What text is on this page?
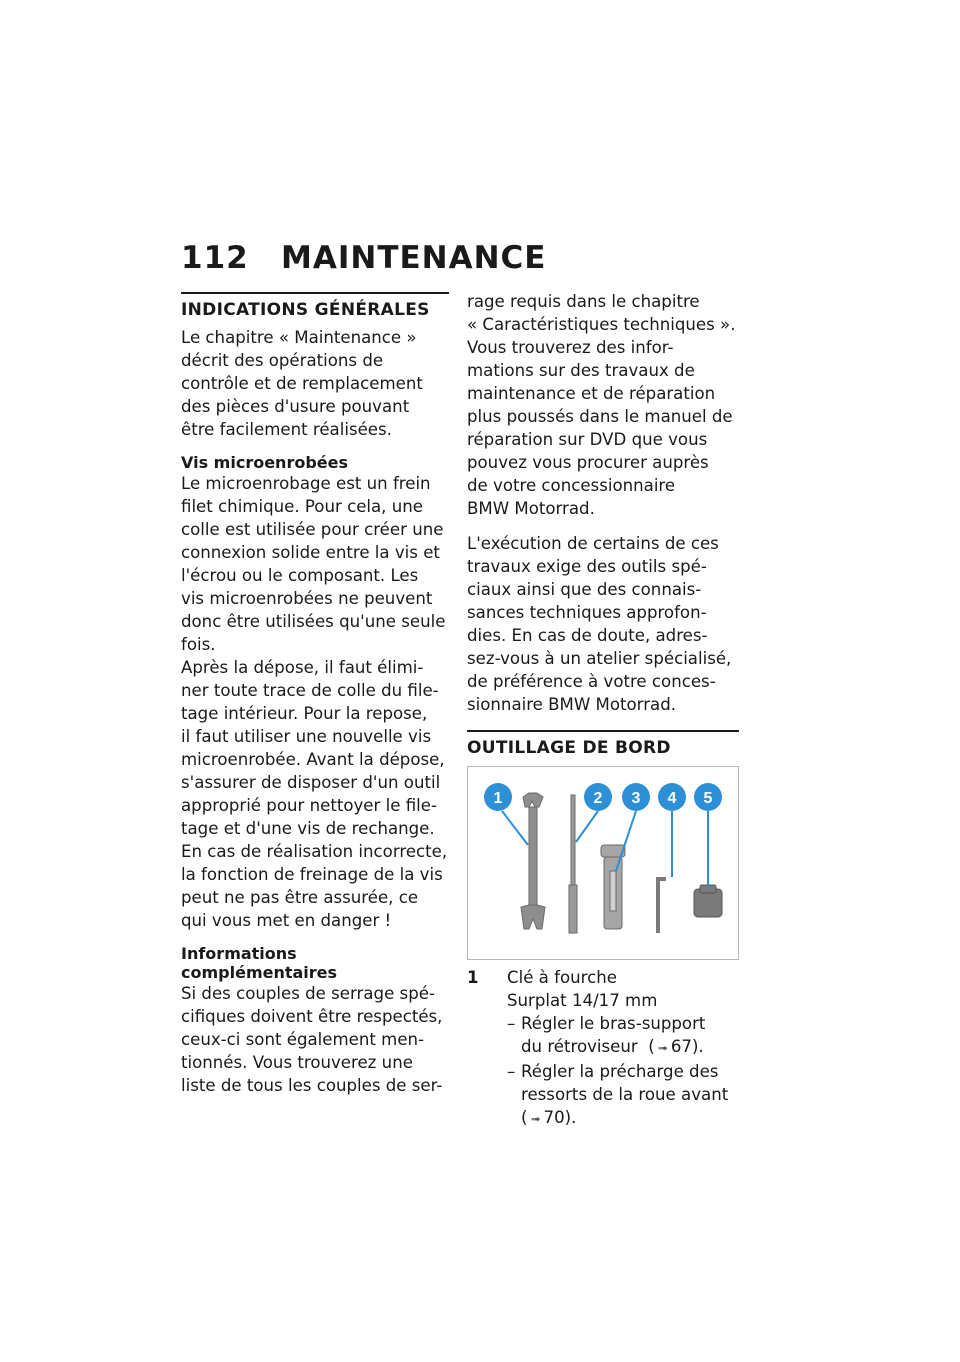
112 MAINTENANCE
INDICATIONS GÉNÉRALES

Le chapitre « Maintenance »
décrit des opérations de
contrôle et de remplacement
des pièces d'usure pouvant
être facilement réalisées.

Vis microenrobées

Le microenrobage est un frein
filet chimique. Pour cela, une
colle est utilisée pour créer une
connexion solide entre la vis et
l'écrou ou le composant. Les
vis microenrobées ne peuvent
donc être utilisées qu'une seule
fois.

Après la dépose, il faut élimi-
ner toute trace de colle du file-
tage intérieur. Pour la repose,
il faut utiliser une nouvelle vis
microenrobée. Avant la dépose,
s'assurer de disposer d'un outil
approprié pour nettoyer le file-
tage et d'une vis de rechange.
En cas de réalisation incorrecte,
la fonction de freinage de la vis
peut ne pas être assurée, ce
qui vous met en danger !

Informations complémentaires

Si des couples de serrage spé-
cifiques doivent être respectés,
ceux-ci sont également men-
tionnés. Vous trouverez une
liste de tous les couples de ser-

rage requis dans le chapitre
« Caractéristiques techniques ».
Vous trouverez des infor-
mations sur des travaux de
maintenance et de réparation
plus poussés dans le manuel de
réparation sur DVD que vous
pouvez vous procurer auprès
de votre concessionnaire
BMW Motorrad.

L'exécution de certains de ces
travaux exige des outils spé-
ciaux ainsi que des connais-
sances techniques approfon-
dies. En cas de doute, adres-
sez-vous à un atelier spécialisé,
de préférence à votre conces-
sionnaire BMW Motorrad.

OUTILLAGE DE BORD
1	2 3 4 5
1	Clé à fourche
Surplat 14/17 mm
– Régler le bras-support
du rétroviseur ( ➟ 67).
– Régler la précharge des
ressorts de la roue avant
( ➟ 70).
